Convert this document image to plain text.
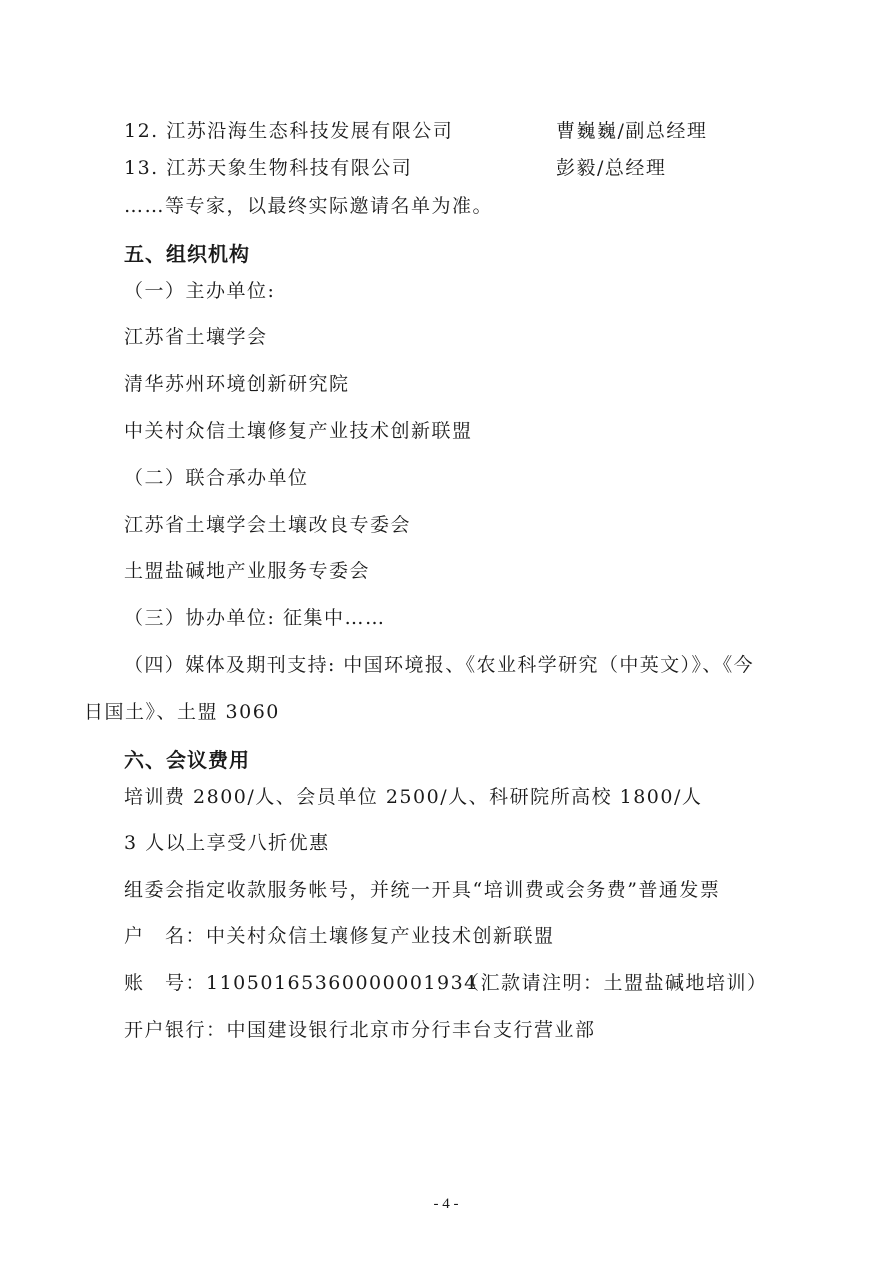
12. 江苏沿海生态科技发展有限公司	曹巍巍/副总经理
13. 江苏天象生物科技有限公司	彭毅/总经理
……等专家，以最终实际邀请名单为准。
五、组织机构
（一）主办单位:
江苏省土壤学会
清华苏州环境创新研究院
中关村众信土壤修复产业技术创新联盟
（二）联合承办单位
江苏省土壤学会土壤改良专委会
土盟盐碱地产业服务专委会
（三）协办单位: 征集中……
（四）媒体及期刊支持: 中国环境报、《农业科学研究（中英文）》、《今
日国土》、土盟 3060
六、会议费用
培训费 2800/人、会员单位 2500/人、科研院所高校 1800/人
3 人以上享受八折优惠
组委会指定收款服务帐号，并统一开具“培训费或会务费”普通发票
户　名：中关村众信土壤修复产业技术创新联盟
账　号：11050165360000001934
（汇款请注明：土盟盐碱地培训）
开户银行：中国建设银行北京市分行丰台支行营业部
- 4 -
